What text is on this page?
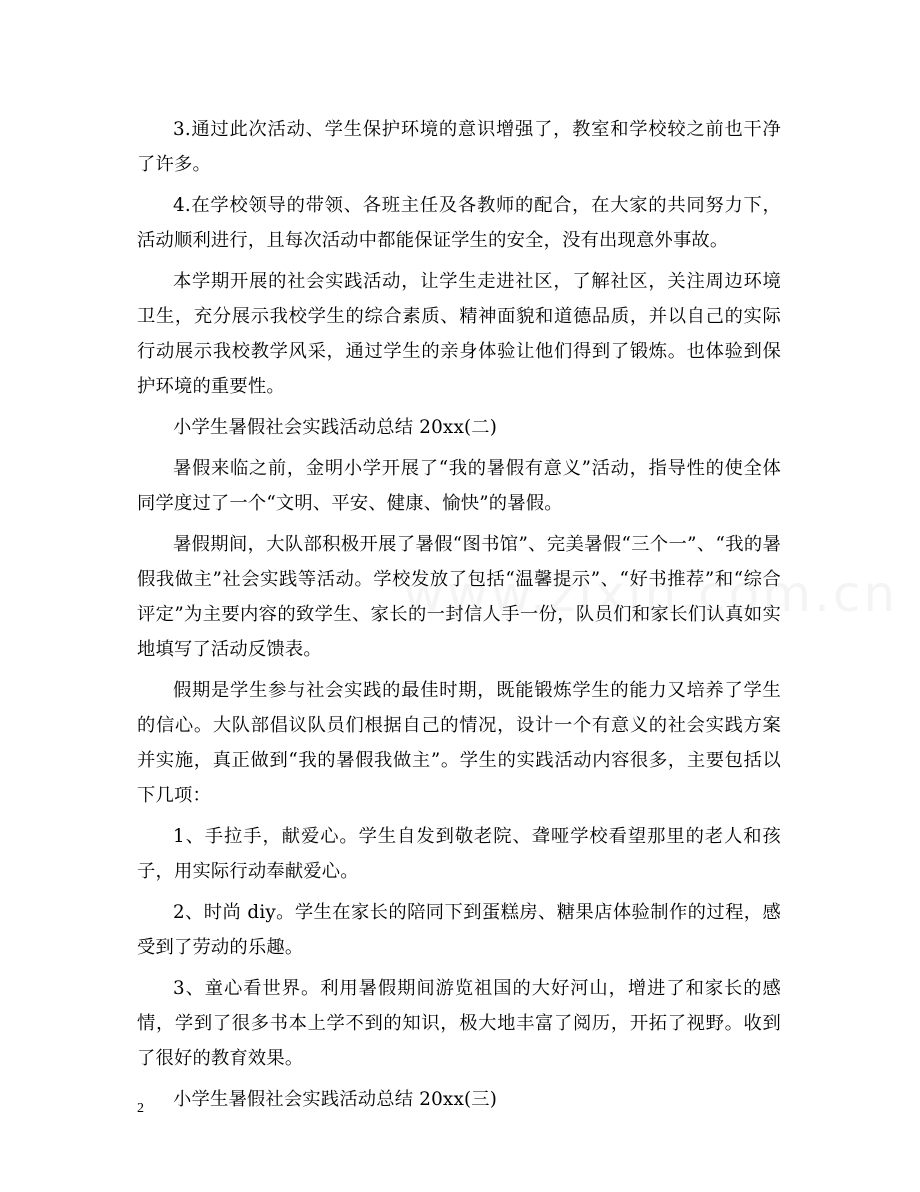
3.通过此次活动、学生保护环境的意识增强了，教室和学校较之前也干净了许多。

4.在学校领导的带领、各班主任及各教师的配合，在大家的共同努力下，活动顺利进行，且每次活动中都能保证学生的安全，没有出现意外事故。

本学期开展的社会实践活动，让学生走进社区，了解社区，关注周边环境卫生，充分展示我校学生的综合素质、精神面貌和道德品质，并以自己的实际行动展示我校教学风采，通过学生的亲身体验让他们得到了锻炼。也体验到保护环境的重要性。

小学生暑假社会实践活动总结 20xx(二)

暑假来临之前，金明小学开展了“我的暑假有意义”活动，指导性的使全体同学度过了一个“文明、平安、健康、愉快”的暑假。

暑假期间，大队部积极开展了暑假“图书馆”、完美暑假“三个一”、“我的暑假我做主”社会实践等活动。学校发放了包括“温馨提示”、“好书推荐”和“综合评定”为主要内容的致学生、家长的一封信人手一份，队员们和家长们认真如实地填写了活动反馈表。

假期是学生参与社会实践的最佳时期，既能锻炼学生的能力又培养了学生的信心。大队部倡议队员们根据自己的情况，设计一个有意义的社会实践方案并实施，真正做到“我的暑假我做主”。学生的实践活动内容很多，主要包括以下几项：

1、手拉手，献爱心。学生自发到敬老院、聋哑学校看望那里的老人和孩子，用实际行动奉献爱心。

2、时尚 diy。学生在家长的陪同下到蛋糕房、糖果店体验制作的过程，感受到了劳动的乐趣。

3、童心看世界。利用暑假期间游览祖国的大好河山，增进了和家长的感情，学到了很多书本上学不到的知识，极大地丰富了阅历，开拓了视野。收到了很好的教育效果。

小学生暑假社会实践活动总结 20xx(三)

2
